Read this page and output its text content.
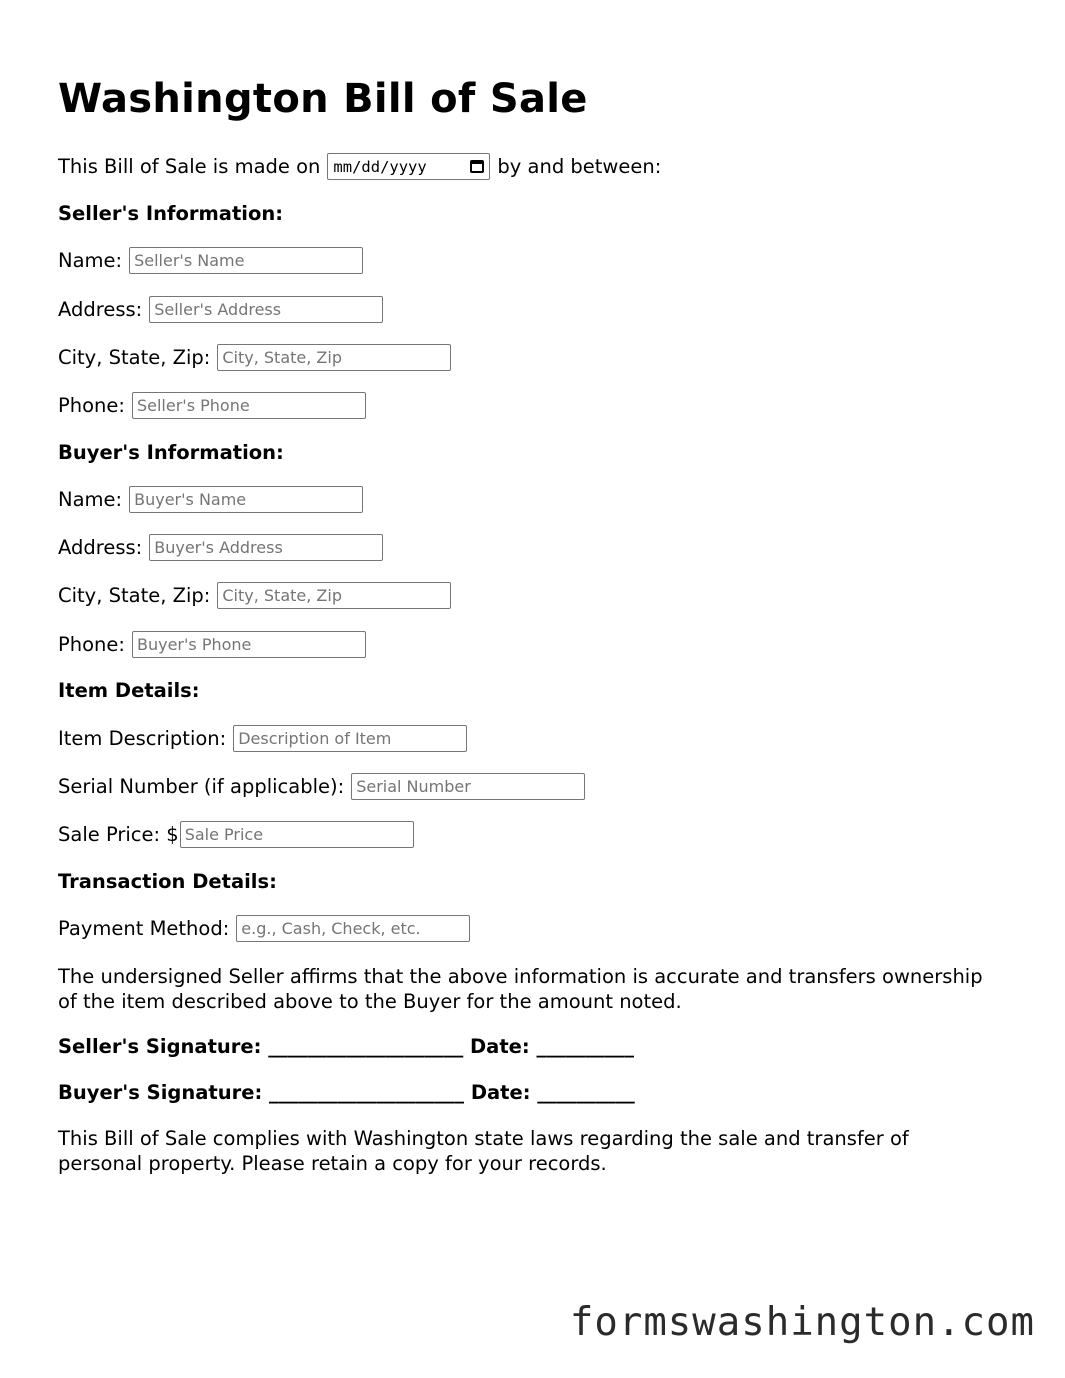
Washington Bill of Sale
This Bill of Sale is made on mm/dd/yyyy	by and between:
Seller's Information:
Name:
Seller's Name
Address:
Seller's Address
City, State, Zip:
City, State, Zip
Phone:
Seller's Phone
Buyer's Information:
Name:
Buyer's Name
Address:
Buyer's Address
City, State, Zip:
City, State, Zip
Phone:
Buyer's Phone
Item Details:
Item Description:
Description of Item
Serial Number (if applicable):
Serial Number
Sale Price: $
Sale Price
Transaction Details:
Payment Method:
e.g., Cash, Check, etc.
The undersigned Seller affirms that the above information is accurate and transfers ownership of the item described above to the Buyer for the amount noted.
Seller's Signature: ____________________ Date: __________
Buyer's Signature: ____________________ Date: __________
This Bill of Sale complies with Washington state laws regarding the sale and transfer of personal property. Please retain a copy for your records.
formswashington.com
